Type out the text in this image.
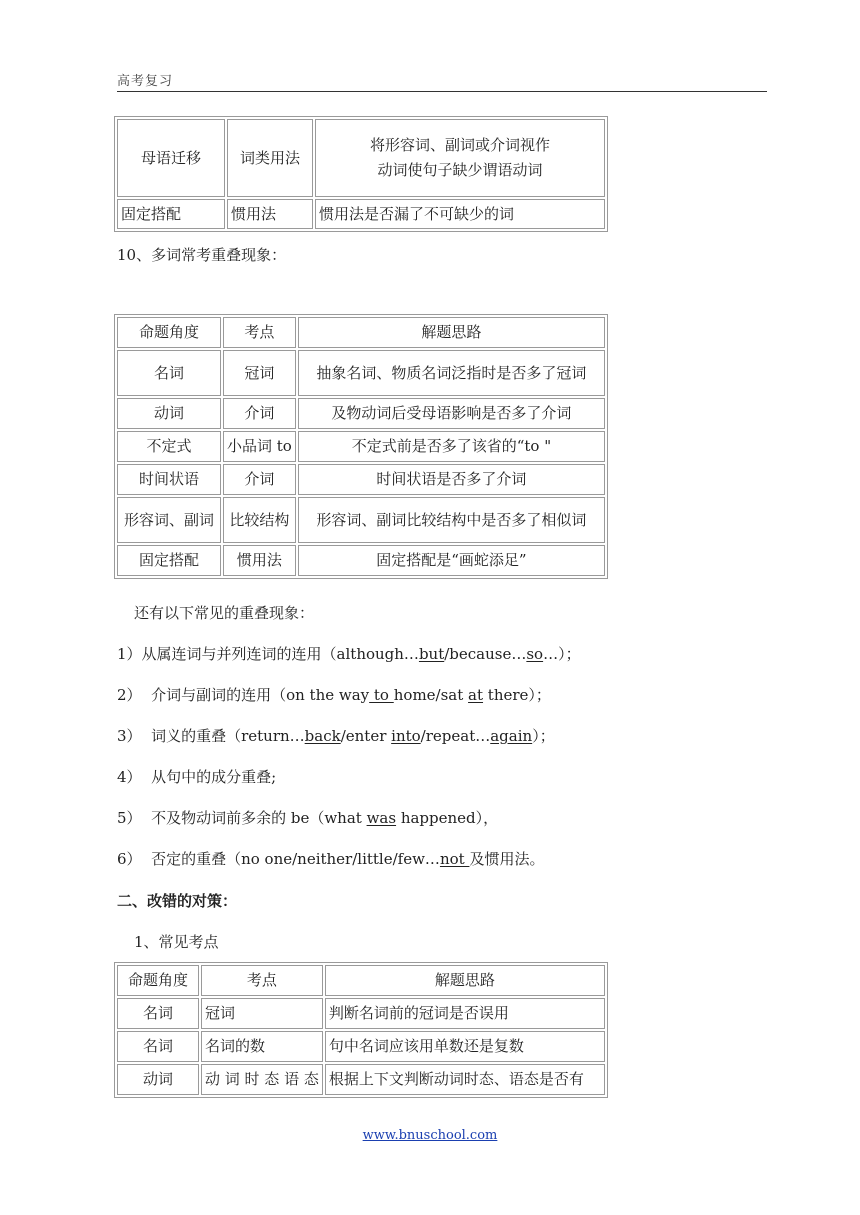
高考复习
母语迁移	词类用法	将形容词、副词或介词视作
动词使句子缺少谓语动词
固定搭配	惯用法	惯用法是否漏了不可缺少的词
10、多词常考重叠现象：
命题角度	考点	解题思路
名词	冠词	抽象名词、物质名词泛指时是否多了冠词
动词	介词	及物动词后受母语影响是否多了介词
不定式	小品词 to	不定式前是否多了该省的“to "
时间状语	介词	时间状语是否多了介词
形容词、副词	比较结构	形容词、副词比较结构中是否多了相似词
固定搭配	惯用法	固定搭配是“画蛇添足”
还有以下常见的重叠现象：
1）从属连词与并列连词的连用（although…but/because…so…）；
2）  介词与副词的连用（on the way to home/sat at there）；
3）  词义的重叠（return…back/enter into/repeat…again）；
4）  从句中的成分重叠;
5）  不及物动词前多余的 be（what was happened），
6）  否定的重叠（no one/neither/little/few…not 及惯用法。
二、改错的对策：
1、常见考点
命题角度	考点	解题思路
名词	冠词	判断名词前的冠词是否误用
名词	名词的数	句中名词应该用单数还是复数
动词	动 词 时 态 语 态	根据上下文判断动词时态、语态是否有
www.bnuschool.com
